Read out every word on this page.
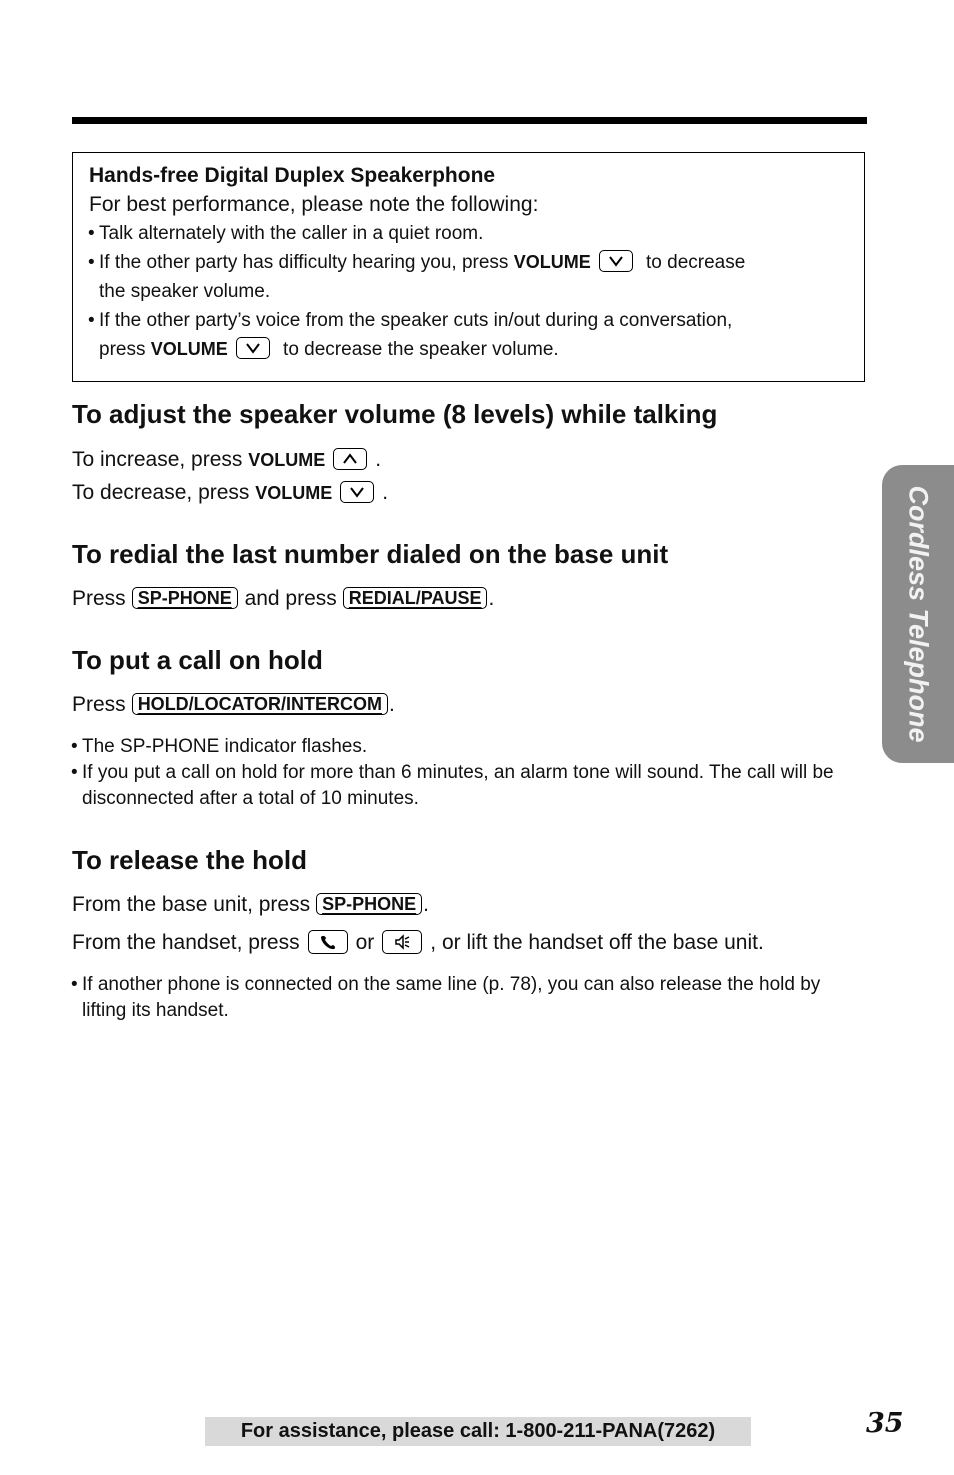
Hands-free Digital Duplex Speakerphone
For best performance, please note the following:
• Talk alternately with the caller in a quiet room.
• If the other party has difficulty hearing you, press VOLUME	to decrease
the speaker volume.
• If the other party’s voice from the speaker cuts in/out during a conversation,
press VOLUME	to decrease the speaker volume.
To adjust the speaker volume (8 levels) while talking
To increase, press VOLUME .
To decrease, press VOLUME .
To redial the last number dialed on the base unit
Press SP-PHONE and press REDIAL/PAUSE .
To put a call on hold
Press HOLD/LOCATOR/INTERCOM .
• The SP-PHONE indicator flashes.
• If you put a call on hold for more than 6 minutes, an alarm tone will sound. The call will be disconnected after a total of 10 minutes.
To release the hold
From the base unit, press SP-PHONE .
From the handset, press	or	, or lift the handset off the base unit.
• If another phone is connected on the same line (p. 78), you can also release the hold by lifting its handset.
Cordless Telephone
For assistance, please call: 1-800-211-PANA(7262)	35
